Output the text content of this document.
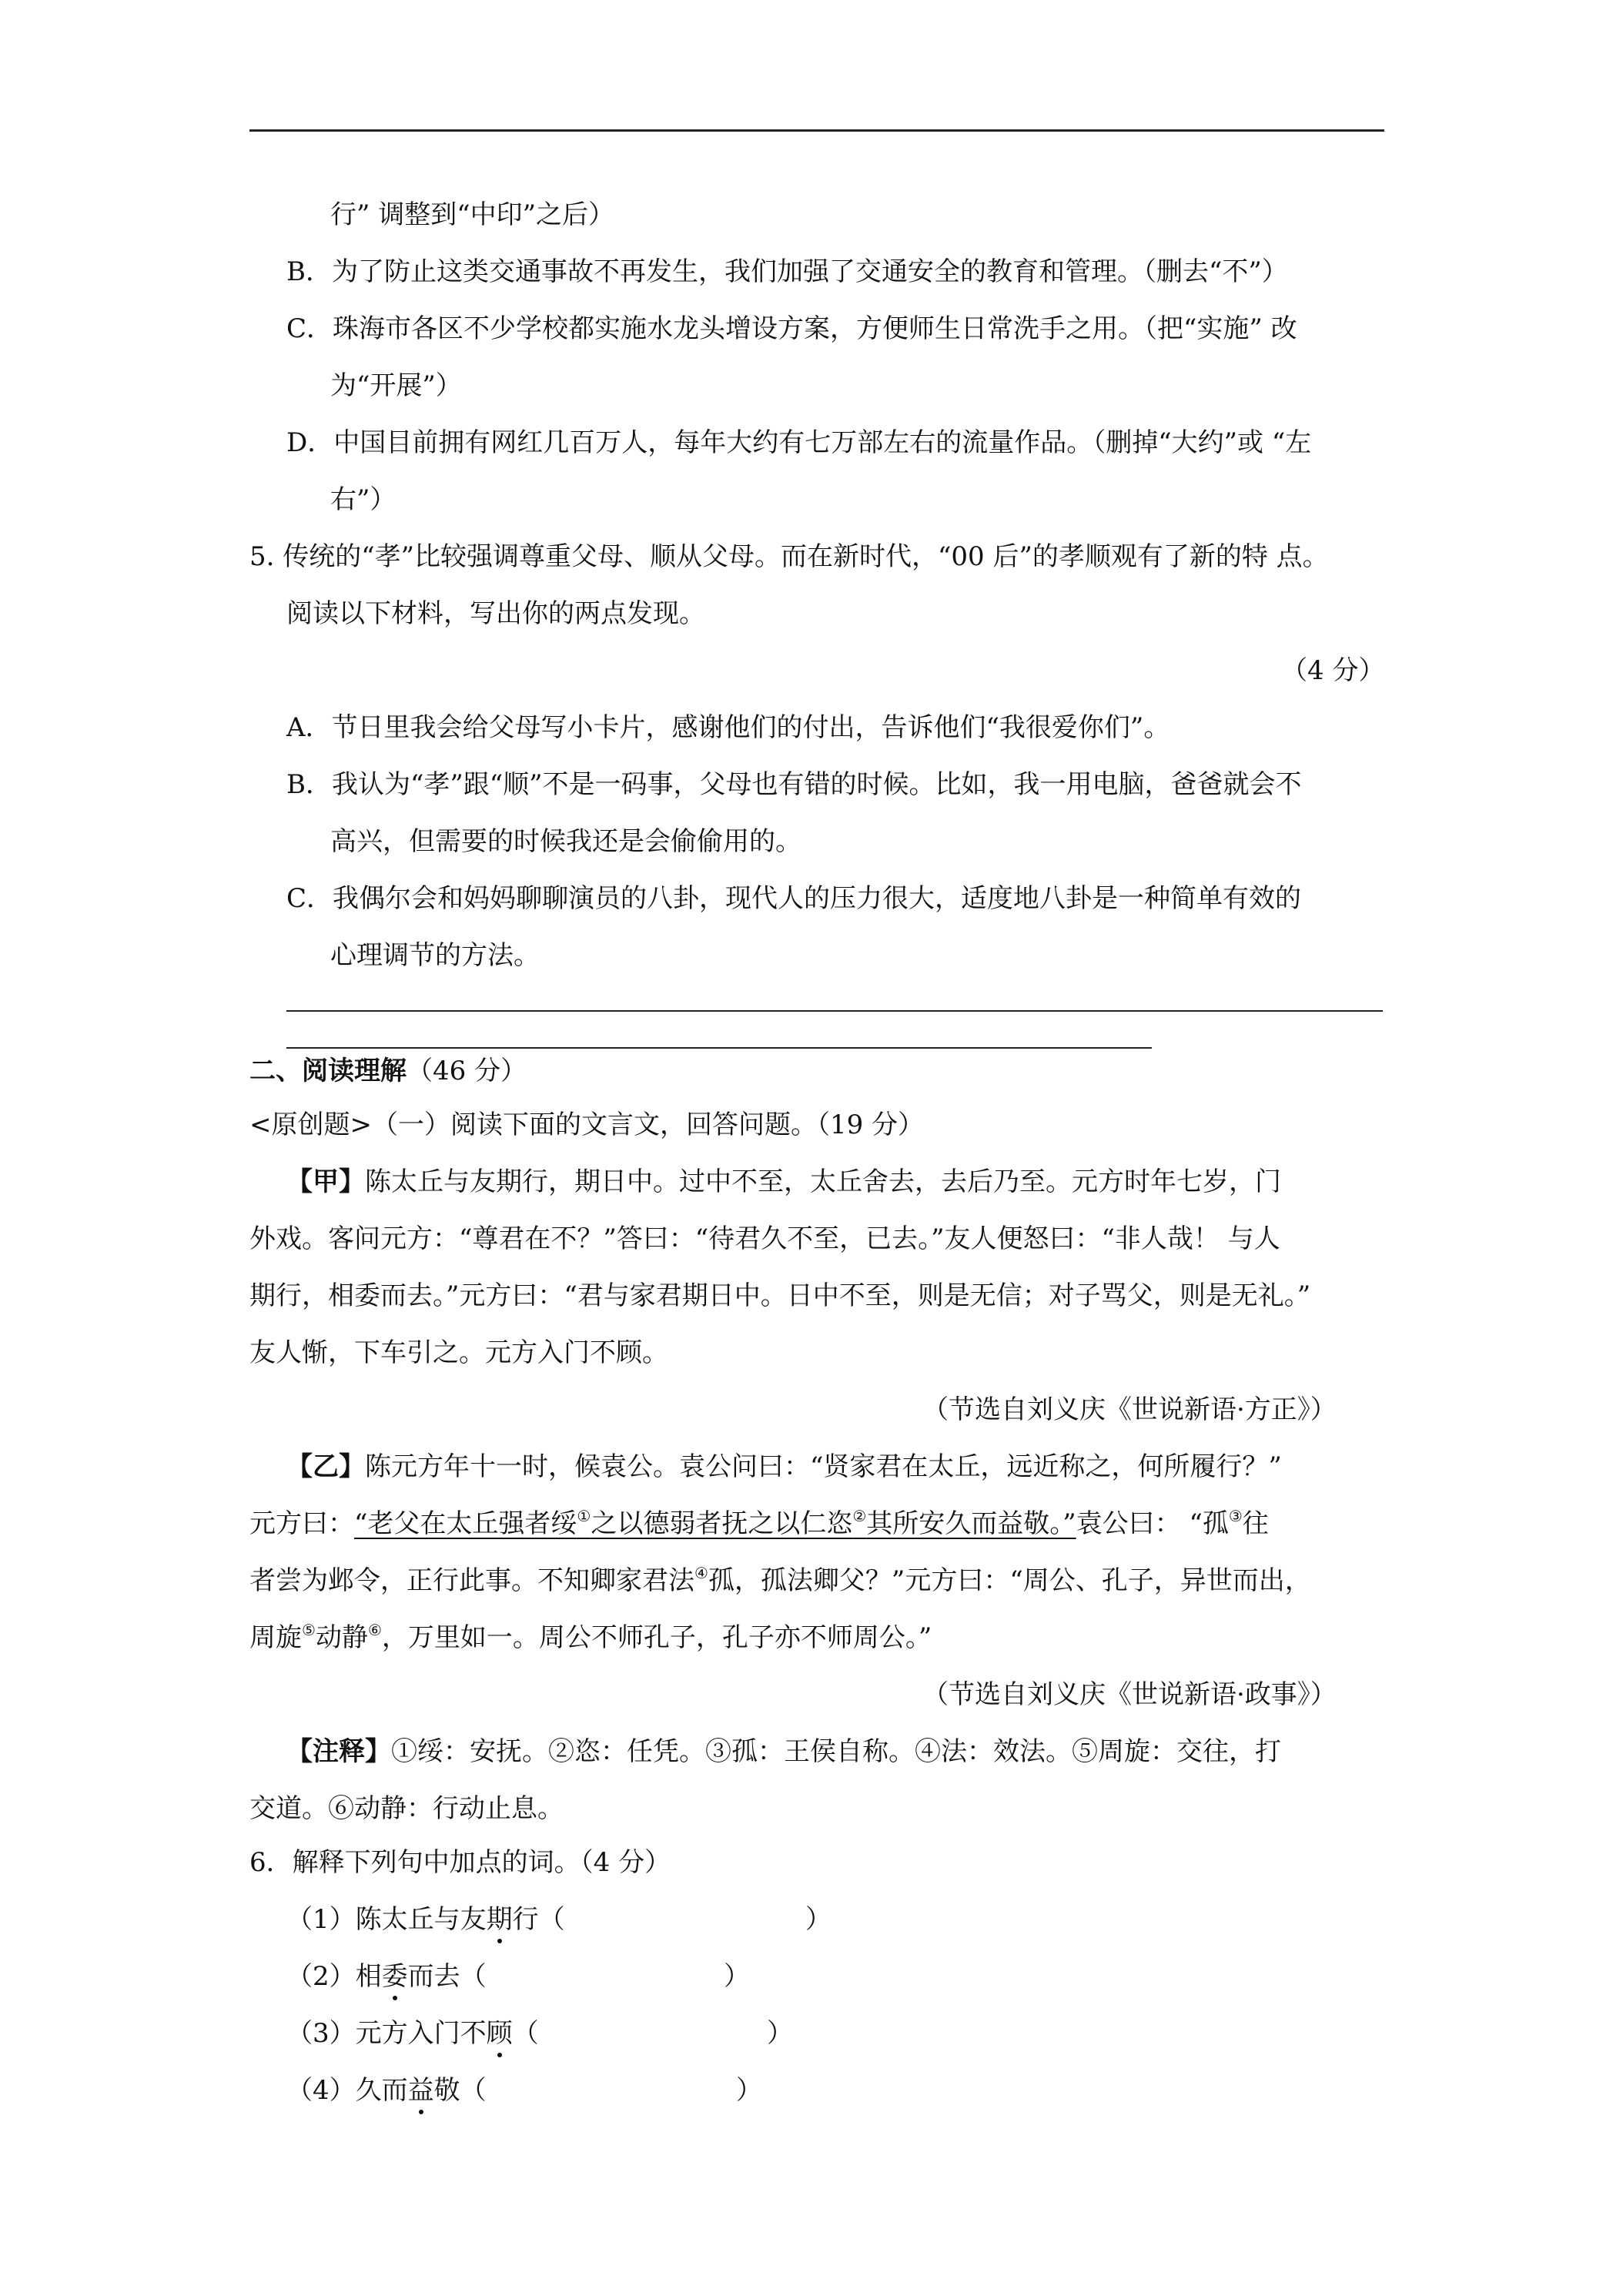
行” 调整到“中印”之后）
B．为了防止这类交通事故不再发生，我们加强了交通安全的教育和管理。（删去“不”）
C．珠海市各区不少学校都实施水龙头增设方案，方便师生日常洗手之用。（把“实施” 改
为“开展”）
D．中国目前拥有网红几百万人，每年大约有七万部左右的流量作品。（删掉“大约”或 “左
右”）
5. 传统的“孝”比较强调尊重父母、顺从父母。而在新时代，“00 后”的孝顺观有了新的特 点。
阅读以下材料，写出你的两点发现。
（4 分）
A．节日里我会给父母写小卡片，感谢他们的付出，告诉他们“我很爱你们”。
B．我认为“孝”跟“顺”不是一码事，父母也有错的时候。比如，我一用电脑，爸爸就会不
高兴，但需要的时候我还是会偷偷用的。
C．我偶尔会和妈妈聊聊演员的八卦，现代人的压力很大，适度地八卦是一种简单有效的
心理调节的方法。
二、阅读理解（46 分）
<原创题>（一）阅读下面的文言文，回答问题。（19 分）
【甲】陈太丘与友期行，期日中。过中不至，太丘舍去，去后乃至。元方时年七岁，门
外戏。客问元方：“尊君在不？”答曰：“待君久不至，已去。”友人便怒曰：“非人哉！ 与人
期行，相委而去。”元方曰：“君与家君期日中。日中不至，则是无信；对子骂父，则是无礼。”
友人惭，下车引之。元方入门不顾。
（节选自刘义庆《世说新语·方正》）
【乙】陈元方年十一时，候袁公。袁公问曰：“贤家君在太丘，远近称之，何所履行？”
元方曰：“老父在太丘强者绥①之以德弱者抚之以仁恣②其所安久而益敬。”袁公曰： “孤③往
者尝为邺令，正行此事。不知卿家君法④孤，孤法卿父？”元方曰：“周公、孔子，异世而出，
周旋⑤动静⑥，万里如一。周公不师孔子，孔子亦不师周公。”
（节选自刘义庆《世说新语·政事》）
【注释】①绥：安抚。②恣：任凭。③孤：王侯自称。④法：效法。⑤周旋：交往，打
交道。⑥动静：行动止息。
6．解释下列句中加点的词。（4 分）
（1）陈太丘与友期行（	）
（2）相委而去（	）
（3）元方入门不顾（	）
（4）久而益敬（	）
